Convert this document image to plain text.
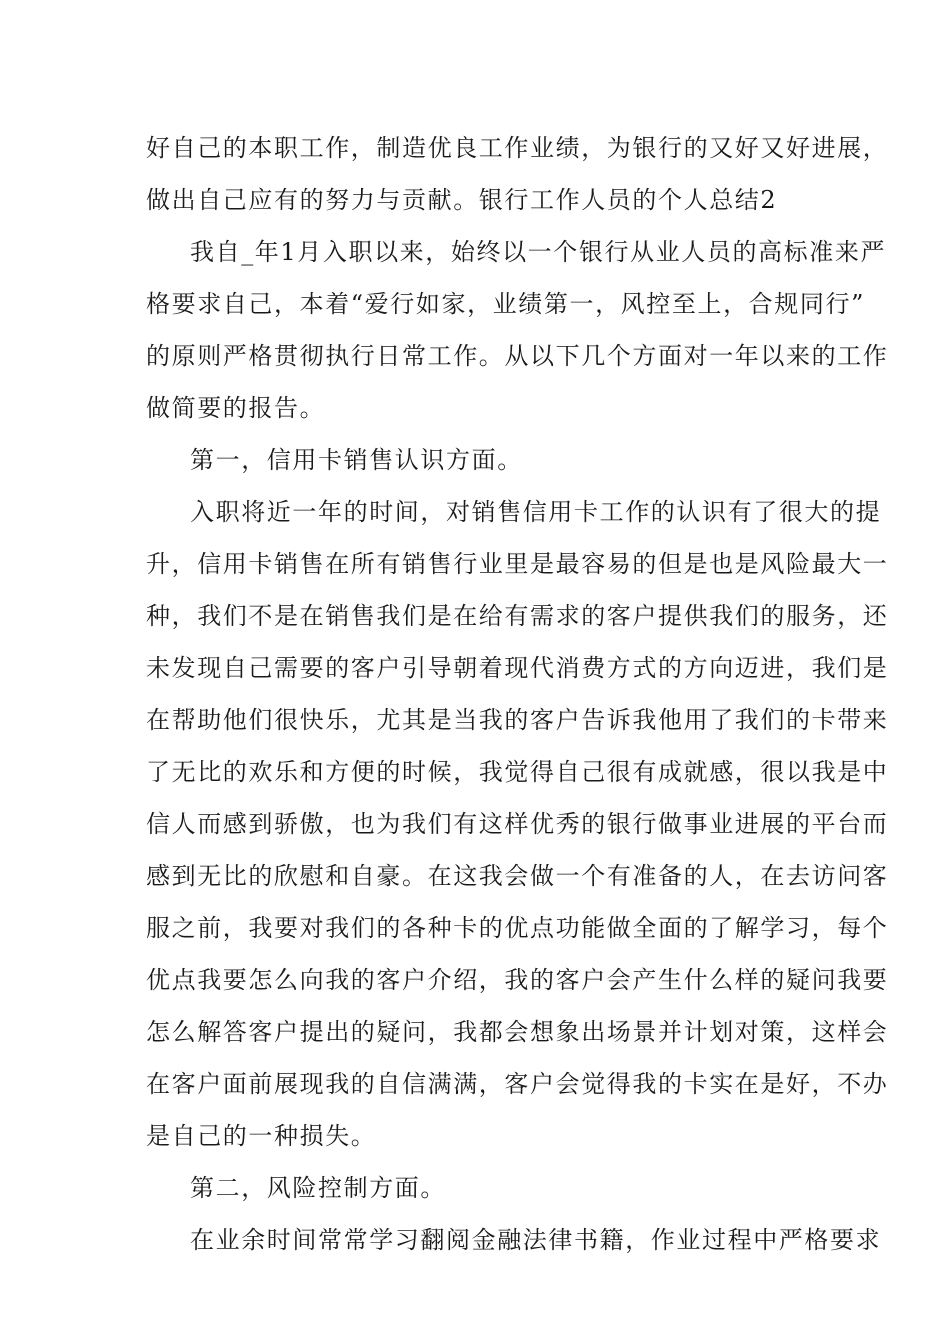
好自己的本职工作，制造优良工作业绩，为银行的又好又好进展，
做出自己应有的努力与贡献。银行工作人员的个人总结2
我自_年1月入职以来，始终以一个银行从业人员的高标准来严
格要求自己，本着“爱行如家，业绩第一，风控至上，合规同行”
的原则严格贯彻执行日常工作。从以下几个方面对一年以来的工作
做简要的报告。
第一，信用卡销售认识方面。
入职将近一年的时间，对销售信用卡工作的认识有了很大的提
升，信用卡销售在所有销售行业里是最容易的但是也是风险最大一
种，我们不是在销售我们是在给有需求的客户提供我们的服务，还
未发现自己需要的客户引导朝着现代消费方式的方向迈进，我们是
在帮助他们很快乐，尤其是当我的客户告诉我他用了我们的卡带来
了无比的欢乐和方便的时候，我觉得自己很有成就感，很以我是中
信人而感到骄傲，也为我们有这样优秀的银行做事业进展的平台而
感到无比的欣慰和自豪。在这我会做一个有准备的人，在去访问客
服之前，我要对我们的各种卡的优点功能做全面的了解学习，每个
优点我要怎么向我的客户介绍，我的客户会产生什么样的疑问我要
怎么解答客户提出的疑问，我都会想象出场景并计划对策，这样会
在客户面前展现我的自信满满，客户会觉得我的卡实在是好，不办
是自己的一种损失。
第二，风险控制方面。
在业余时间常常学习翻阅金融法律书籍，作业过程中严格要求
